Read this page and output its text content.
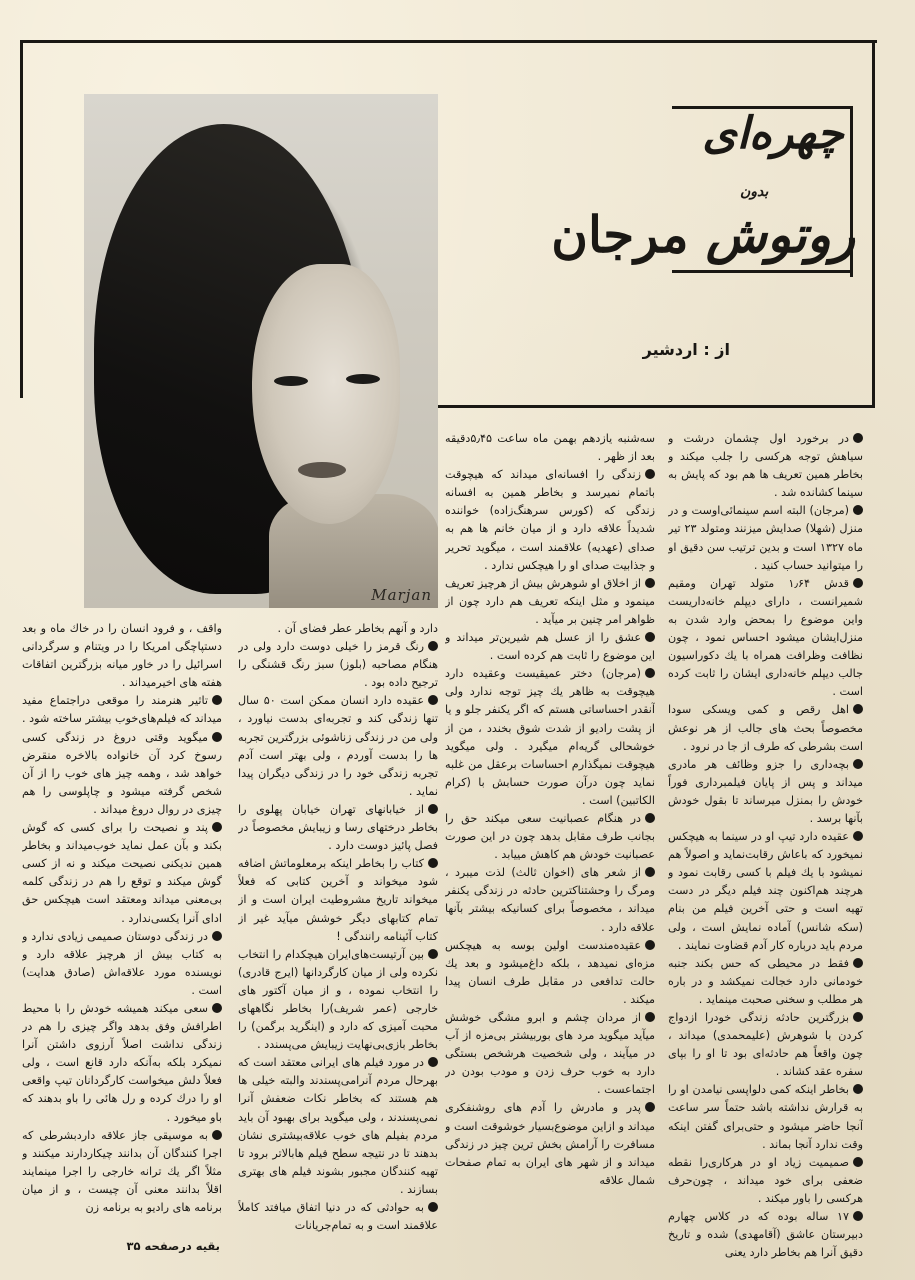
Marjan
چهره‌ای
بدون
روتوش مرجان
از : اردشیر

در برخورد اول چشمان درشت و سیاهش توجه هرکسی را جلب میکند و بخاطر همین تعریف ها هم بود که پایش به سینما کشانده شد .

(مرجان) البته اسم سینمائی‌اوست و در منزل (شهلا) صدایش میزنند ومتولد ۲۳ تیر ماه ۱۳۲۷ است و بدین ترتیب سن دقیق او را میتوانید حساب کنید .

قدش ۱٫۶۴ متولد تهران ومقیم شمیرانست ، دارای دیپلم خانه‌داریست واین موضوع را بمحض وارد شدن به منزل‌ایشان میشود احساس نمود ، چون نظافت وظرافت همراه با یك دکوراسیون جالب دیپلم خانه‌داری ایشان را ثابت کرده است .

اهل رقص و کمی ویسکی سودا مخصوصاً بحث های جالب از هر نوعش است بشرطی که طرف از جا در نرود .

بچه‌داری را جزو وظائف هر مادری میداند و پس از پایان فیلمبرداری فوراً خودش را بمنزل میرساند تا بقول خودش بآنها برسد .

عقیده دارد تیپ او در سینما به هیچکس نمیخورد که باعاش رقابت‌نماید و اصولاً هم نمیشود با یك فیلم با کسی رقابت نمود و هرچند هم‌اکنون چند فیلم دیگر در دست تهیه است و حتی آخرین فیلم من بنام (سکه شانس) آماده نمایش است ، ولی مردم باید درباره کار آدم قضاوت نمایند .

فقط در محیطی که حس بکند جنبه خودمانی دارد خجالت نمیکشد و در باره هر مطلب و سخنی صحبت مینماید .

بزرگترین حادثه زندگی خودرا ازدواج کردن با شوهرش (علیمحمدی) میداند ، چون واقعاً هم حادثه‌ای بود تا او را بپای سفره عقد کشاند .

بخاطر اینکه کمی دلواپسی نیامدن او را به قرارش نداشته باشد حتماً سر ساعت آنجا حاضر میشود و حتی‌برای گفتن اینکه وقت ندارد آنجا بماند .

صمیمیت زیاد او در هرکاری‌را نقطه ضعفی برای خود میداند ، چون‌حرف هرکسی را باور میکند .

۱۷ ساله بوده که در کلاس چهارم دبیرستان عاشق (آقامهدی) شده و تاریخ دقیق آنرا هم بخاطر دارد یعنی

سه‌شنبه یازدهم بهمن ماه ساعت ۵٫۴۵دقیقه بعد از ظهر .

زندگی را افسانه‌ای میداند که هیچوقت باتمام نمیرسد و بخاطر همین به افسانه زندگی که (کورس سرهنگ‌زاده) خواننده شدیداً علاقه دارد و از میان خانم ها هم به صدای (عهدیه) علاقمند است ، میگوید تحریر و جذابیت صدای او را هیچکس ندارد .

از اخلاق او شوهرش بیش از هرچیز تعریف مینمود و مثل اینکه تعریف هم دارد چون از ظواهر امر چنین بر میآید .

عشق را از عسل هم شیرین‌تر میداند و این موضوع را ثابت هم کرده است .

(مرجان) دختر عمیقیست وعقیده دارد هیچوقت به ظاهر یك چیز توجه ندارد ولی آنقدر احساساتی هستم که اگر یکنفر جلو و یا از پشت رادیو از شدت شوق بخندد ، من از خوشحالی گریه‌ام میگیرد . ولی میگوید هیچوقت نمیگذارم احساسات برعقل من غلبه نماید چون درآن صورت حسابش با (کرام الکاتبین) است .

در هنگام عصبانیت سعی میکند حق را بجانب طرف مقابل بدهد چون در این صورت عصبانیت خودش هم کاهش مییابد .

از شعر های (اخوان ثالث) لذت میبرد ، ومرگ را وحشتناکترین حادثه در زندگی یکنفر میداند ، مخصوصاً برای کسانیکه بیشتر بآنها علاقه دارد .

عقیده‌مندست اولین بوسه به هیچکس مزه‌ای نمیدهد ، بلکه داغ‌میشود و بعد یك حالت تدافعی در مقابل طرف انسان پیدا میکند .

از مردان چشم و ابرو مشگی خوشش میآید میگوید مرد های بوربیشتر بی‌مزه از آب در میآیند ، ولی شخصیت هرشخص بستگی دارد به خوب حرف زدن و مودب بودن در اجتماعست .

پدر و مادرش را آدم های روشنفکری میداند و ازاین موضوع‌بسیار خوشوقت است و مسافرت را آرامش بخش ترین چیز در زندگی میداند و از شهر های ایران به تمام صفحات شمال علاقه

دارد و آنهم بخاطر عطر فضای آن .

رنگ قرمز را خیلی دوست دارد ولی در هنگام مصاحبه (بلوز) سبز رنگ قشنگی را ترجیح داده بود .

عقیده دارد انسان ممکن است ۵۰ سال تنها زندگی کند و تجربه‌ای بدست نیاورد ، ولی من در زندگی زناشوئی بزرگترین تجربه ها را بدست آوردم ، ولی بهتر است آدم تجربه زندگی خود را در زندگی دیگران پیدا نماید .

از خیابانهای تهران خیابان پهلوی را بخاطر درختهای رسا و زیبایش مخصوصاً در فصل پائیز دوست دارد .

کتاب را بخاطر اینکه برمعلوماتش اضافه شود میخواند و آخرین کتابی که فعلاً میخواند تاریخ مشروطیت ایران است و از تمام کتابهای دیگر خوشش میآید غیر از کتاب آئینامه رانندگی !

بین آرتیست‌های‌ایران هیچکدام را انتخاب نکرده ولی از میان کارگردانها (ایرج قادری) را انتخاب نموده ، و از میان آکتور های خارجی (عمر شریف)را بخاطر نگاههای محبت آمیزی که دارد و (اینگرید برگمن) را بخاطر بازی‌بی‌نهایت زیبایش می‌پسندد .

در مورد فیلم های ایرانی معتقد است که بهرحال مردم آنرامی‌پسندند والبته خیلی ها هم هستند که بخاطر نکات ضعفش آنرا نمی‌پسندند ، ولی میگوید برای بهبود آن باید مردم بفیلم های خوب علاقه‌بیشتری نشان بدهند تا در نتیجه سطح فیلم هابالاتر برود تا تهیه کنندگان مجبور بشوند فیلم های بهتری بسازند .

به حوادثی که در دنیا اتفاق میافتد کاملاً علاقمند است و به تمام‌جریانات

واقف ، و فرود انسان را در خاك ماه و بعد دستپاچگی امریکا را در ویتنام و سرگردانی اسرائیل را در خاور میانه بزرگترین اتفاقات هفته های اخیرمیداند .

تاثیر هنرمند را موقعی دراجتماع مفید میداند که فیلم‌های‌خوب بیشتر ساخته شود .

میگوید وقتی دروغ در زندگی کسی رسوخ کرد آن خانواده بالاخره منقرض خواهد شد ، وهمه چیز های خوب را از آن شخص گرفته میشود و چاپلوسی را هم چیزی در روال دروغ میداند .

پند و نصیحت را برای کسی که گوش بکند و بآن عمل نماید خوب‌میداند و بخاطر همین ندیکنی نصیحت میکند و نه از کسی گوش میکند و توقع را هم در زندگی کلمه بی‌معنی میداند ومعتقد است هیچکس حق ادای آنرا یکسی‌ندارد .

در زندگی دوستان صمیمی زیادی ندارد و به کتاب بیش از هرچیز علاقه دارد و نویسنده مورد علاقه‌اش (صادق هدایت) است .

سعی میکند همیشه خودش را با محیط اطرافش وفق بدهد واگر چیزی را هم در زندگی نداشت اصلاً آرزوی داشتن آنرا نمیکرد بلکه به‌آنکه دارد قانع است ، ولی فعلاً دلش میخواست کارگردانان تیپ واقعی او را درك کرده و رل هائی را باو بدهند که باو میخورد .

به موسیقی جاز علاقه داردبشرطی که اجرا کنندگان آن بدانند چیکاردارند میکنند و مثلاً اگر یك ترانه خارجی را اجرا مینمایند اقلاً بدانند معنی آن چیست ، و از میان برنامه های رادیو به برنامه زن

بقیه درصفحه ۳۵
